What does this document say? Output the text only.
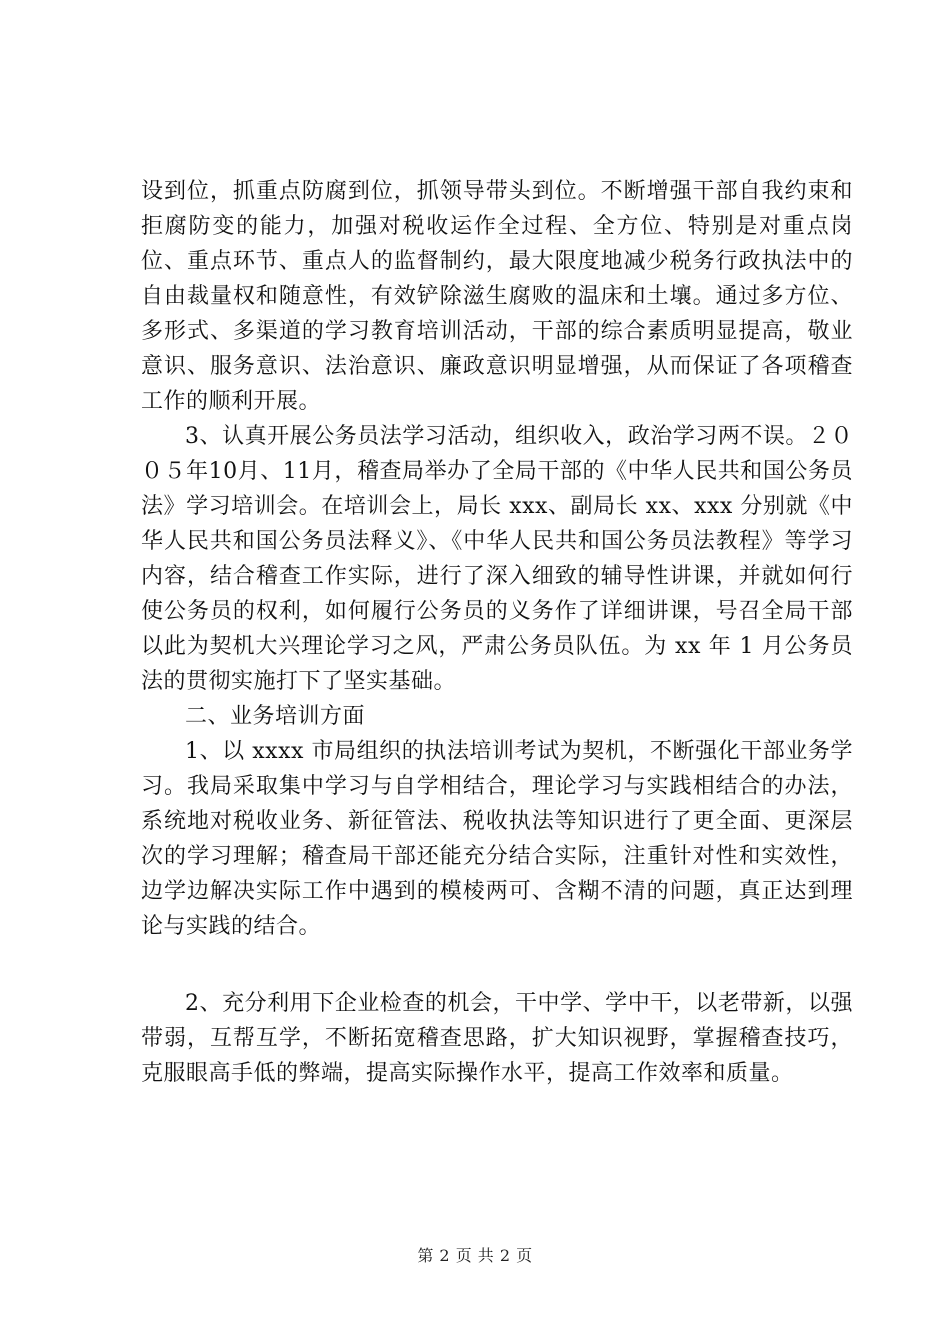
设到位，抓重点防腐到位，抓领导带头到位。不断增强干部自我约束和拒腐防变的能力，加强对税收运作全过程、全方位、特别是对重点岗位、重点环节、重点人的监督制约，最大限度地减少税务行政执法中的自由裁量权和随意性，有效铲除滋生腐败的温床和土壤。通过多方位、多形式、多渠道的学习教育培训活动，干部的综合素质明显提高，敬业意识、服务意识、法治意识、廉政意识明显增强，从而保证了各项稽查工作的顺利开展。

3、认真开展公务员法学习活动，组织收入，政治学习两不误。２００５年10月、11月，稽查局举办了全局干部的《中华人民共和国公务员法》学习培训会。在培训会上，局长 xxx、副局长 xx、xxx 分别就《中华人民共和国公务员法释义》、《中华人民共和国公务员法教程》等学习内容，结合稽查工作实际，进行了深入细致的辅导性讲课，并就如何行使公务员的权利，如何履行公务员的义务作了详细讲课，号召全局干部以此为契机大兴理论学习之风，严肃公务员队伍。为 xx 年 1 月公务员法的贯彻实施打下了坚实基础。

二、业务培训方面

1、以 xxxx 市局组织的执法培训考试为契机，不断强化干部业务学习。我局采取集中学习与自学相结合，理论学习与实践相结合的办法，系统地对税收业务、新征管法、税收执法等知识进行了更全面、更深层次的学习理解；稽查局干部还能充分结合实际，注重针对性和实效性，边学边解决实际工作中遇到的模棱两可、含糊不清的问题，真正达到理论与实践的结合。

2、充分利用下企业检查的机会，干中学、学中干，以老带新，以强带弱，互帮互学，不断拓宽稽查思路，扩大知识视野，掌握稽查技巧，克服眼高手低的弊端，提高实际操作水平，提高工作效率和质量。

第 2 页 共 2 页
